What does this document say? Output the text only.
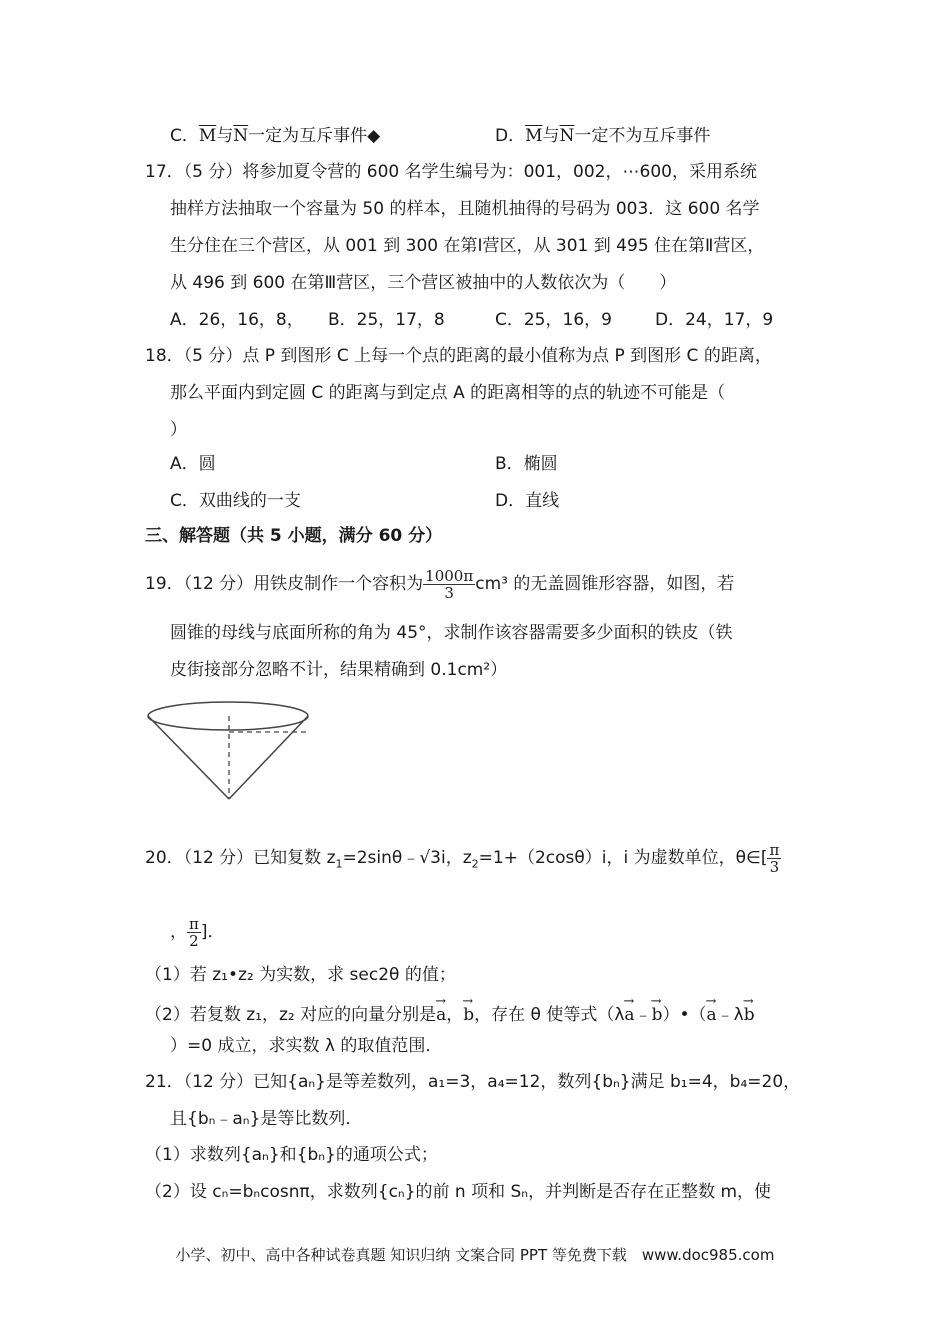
C．$\overline{M}$与$\overline{N}$一定为互斥事件◆	D．$\overline{M}$与$\overline{N}$一定不为互斥事件
17．（5 分）将参加夏令营的 600 名学生编号为：001，002，⋯600，采用系统
抽样方法抽取一个容量为 50 的样本，且随机抽得的号码为 003．这 600 名学
生分住在三个营区，从 001 到 300 在第Ⅰ营区，从 301 到 495 住在第Ⅱ营区，
从 496 到 600 在第Ⅲ营区，三个营区被抽中的人数依次为（　　）
A．26，16，8， B．25，17，8	C．25，16，9	D．24，17，9
18．（5 分）点 P 到图形 C 上每一个点的距离的最小值称为点 P 到图形 C 的距离，
那么平面内到定圆 C 的距离与到定点 A 的距离相等的点的轨迹不可能是（
）
A．圆	B．椭圆
C．双曲线的一支	D．直线
三、解答题（共 5 小题，满分 60 分）
19．（12 分）用铁皮制作一个容积为 $\frac{1000\pi}{3} cm^3$ 的无盖圆锥形容器，如图，若
圆锥的母线与底面所称的角为 45°，求制作该容器需要多少面积的铁皮（铁
皮街接部分忽略不计，结果精确到 0.1cm²）
20．（12 分）已知复数 $z_1=2\sin\theta﹣√3i$，$z_2=1+(2\cos\theta)i$，i 为虚数单位，θ∈[ $\frac{\pi}{3}$
， $\frac{\pi}{2}$ ]．
（1）若 z₁•z₂ 为实数，求 sec2θ 的值；
（2）若复数 z₁，z₂ 对应的向量分别是→ a，→ b，存在 θ 使等式（λ→ a﹣→ b）•（→ a﹣λ→ b
）=0 成立，求实数 λ 的取值范围．
21．（12 分）已知{aₙ}是等差数列，a₁=3，a₄=12，数列{bₙ}满足 b₁=4，b₄=20，
且{bₙ﹣aₙ}是等比数列．
（1）求数列{aₙ}和{bₙ}的通项公式；
（2）设 cₙ=bₙcosnπ，求数列{cₙ}的前 n 项和 Sₙ，并判断是否存在正整数 m，使
小学、初中、高中各种试卷真题 知识归纳 文案合同 PPT 等免费下载　www.doc985.com
